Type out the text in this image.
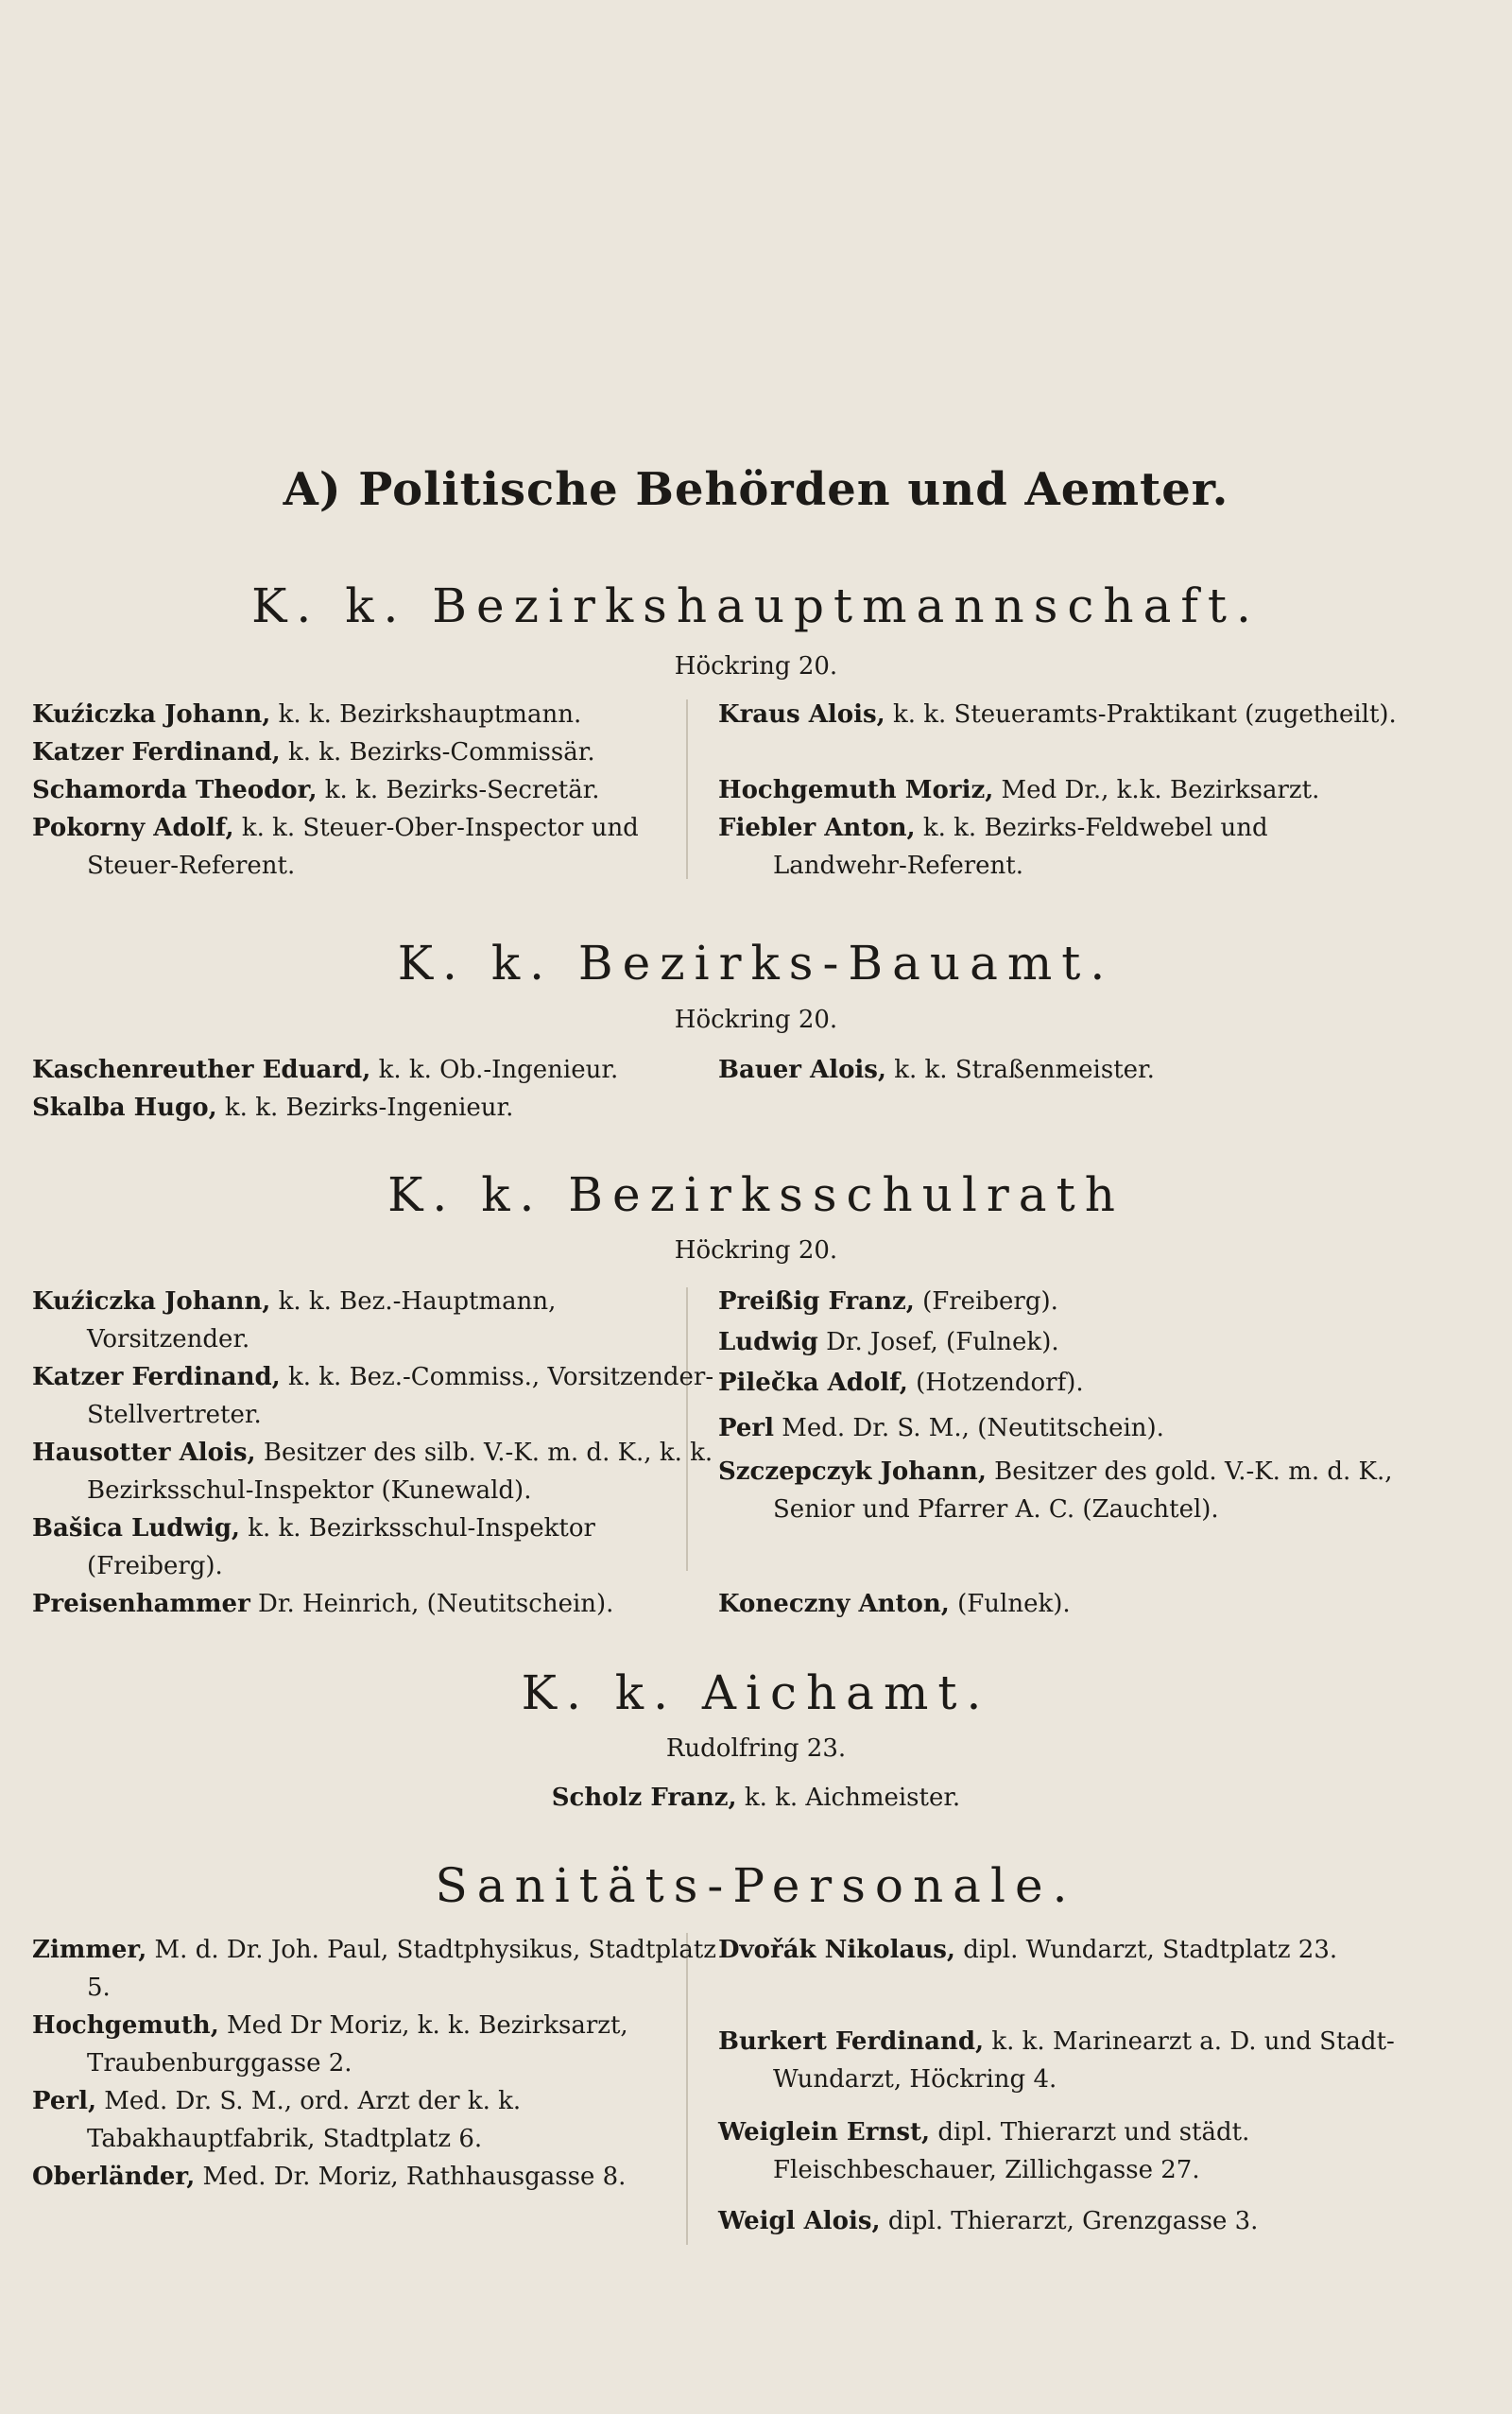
A) Politische Behörden und Aemter.
K. k. Bezirkshauptmannschaft.
Höckring 20.
Kuźiczka Johann, k. k. Bezirkshauptmann.
Katzer Ferdinand, k. k. Bezirks-Commissär.
Schamorda Theodor, k. k. Bezirks-Secretär.
Pokorny Adolf, k. k. Steuer-Ober-Inspector und Steuer-Referent.
Kraus Alois, k. k. Steueramts-Praktikant (zugetheilt).
Hochgemuth Moriz, Med Dr., k.k. Bezirksarzt.
Fiebler Anton, k. k. Bezirks-Feldwebel und Landwehr-Referent.
K. k. Bezirks-Bauamt.
Höckring 20.
Kaschenreuther Eduard, k. k. Ob.-Ingenieur.
Skalba Hugo, k. k. Bezirks-Ingenieur.
Bauer Alois, k. k. Straßenmeister.
K. k. Bezirksschulrath
Höckring 20.
Kuźiczka Johann, k. k. Bez.-Hauptmann, Vorsitzender.
Katzer Ferdinand, k. k. Bez.-Commiss., Vorsitzender-Stellvertreter.
Hausotter Alois, Besitzer des silb. V.-K. m. d. K., k. k. Bezirksschul-Inspektor (Kunewald).
Bašica Ludwig, k. k. Bezirksschul-Inspektor (Freiberg).
Preisenhammer Dr. Heinrich, (Neutitschein).
Preißig Franz, (Freiberg).
Ludwig Dr. Josef, (Fulnek).
Pilečka Adolf, (Hotzendorf).
Perl Med. Dr. S. M., (Neutitschein).
Szczepczyk Johann, Besitzer des gold. V.-K. m. d. K., Senior und Pfarrer A. C. (Zauchtel).
Koneczny Anton, (Fulnek).
K. k. Aichamt.
Rudolfring 23.
Scholz Franz, k. k. Aichmeister.
Sanitäts-Personale.
Zimmer, M. d. Dr. Joh. Paul, Stadtphysikus, Stadtplatz 5.
Hochgemuth, Med Dr Moriz, k. k. Bezirksarzt, Traubenburggasse 2.
Perl, Med. Dr. S. M., ord. Arzt der k. k. Tabakhauptfabrik, Stadtplatz 6.
Oberländer, Med. Dr. Moriz, Rathhausgasse 8.
Dvořák Nikolaus, dipl. Wundarzt, Stadtplatz 23.
Burkert Ferdinand, k. k. Marinearzt a. D. und Stadt-Wundarzt, Höckring 4.
Weiglein Ernst, dipl. Thierarzt und städt. Fleischbeschauer, Zillichgasse 27.
Weigl Alois, dipl. Thierarzt, Grenzgasse 3.
